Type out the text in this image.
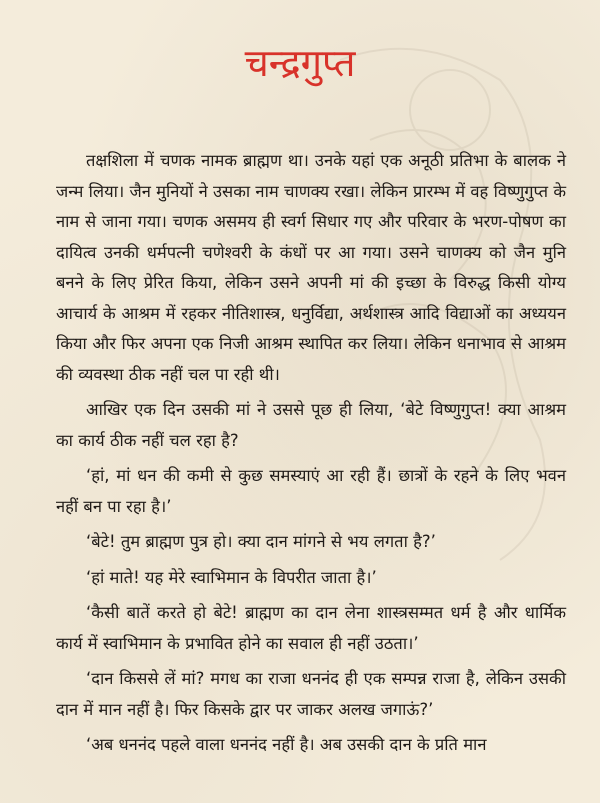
चन्द्रगुप्त

तक्षशिला में चणक नामक ब्राह्मण था। उनके यहां एक अनूठी प्रतिभा के बालक ने जन्म लिया। जैन मुनियों ने उसका नाम चाणक्य रखा। लेकिन प्रारम्भ में वह विष्णुगुप्त के नाम से जाना गया। चणक असमय ही स्वर्ग सिधार गए और परिवार के भरण-पोषण का दायित्व उनकी धर्मपत्नी चणेश्वरी के कंधों पर आ गया। उसने चाणक्य को जैन मुनि बनने के लिए प्रेरित किया, लेकिन उसने अपनी मां की इच्छा के विरुद्ध किसी योग्य आचार्य के आश्रम में रहकर नीतिशास्त्र, धनुर्विद्या, अर्थशास्त्र आदि विद्याओं का अध्ययन किया और फिर अपना एक निजी आश्रम स्थापित कर लिया। लेकिन धनाभाव से आश्रम की व्यवस्था ठीक नहीं चल पा रही थी।

आखिर एक दिन उसकी मां ने उससे पूछ ही लिया, ‘बेटे विष्णुगुप्त! क्या आश्रम का कार्य ठीक नहीं चल रहा है?

‘हां, मां धन की कमी से कुछ समस्याएं आ रही हैं। छात्रों के रहने के लिए भवन नहीं बन पा रहा है।’

‘बेटे! तुम ब्राह्मण पुत्र हो। क्या दान मांगने से भय लगता है?’

‘हां माते! यह मेरे स्वाभिमान के विपरीत जाता है।’

‘कैसी बातें करते हो बेटे! ब्राह्मण का दान लेना शास्त्रसम्मत धर्म है और धार्मिक कार्य में स्वाभिमान के प्रभावित होने का सवाल ही नहीं उठता।’

‘दान किससे लें मां? मगध का राजा धननंद ही एक सम्पन्न राजा है, लेकिन उसकी दान में मान नहीं है। फिर किसके द्वार पर जाकर अलख जगाऊं?’

‘अब धननंद पहले वाला धननंद नहीं है। अब उसकी दान के प्रति मान
